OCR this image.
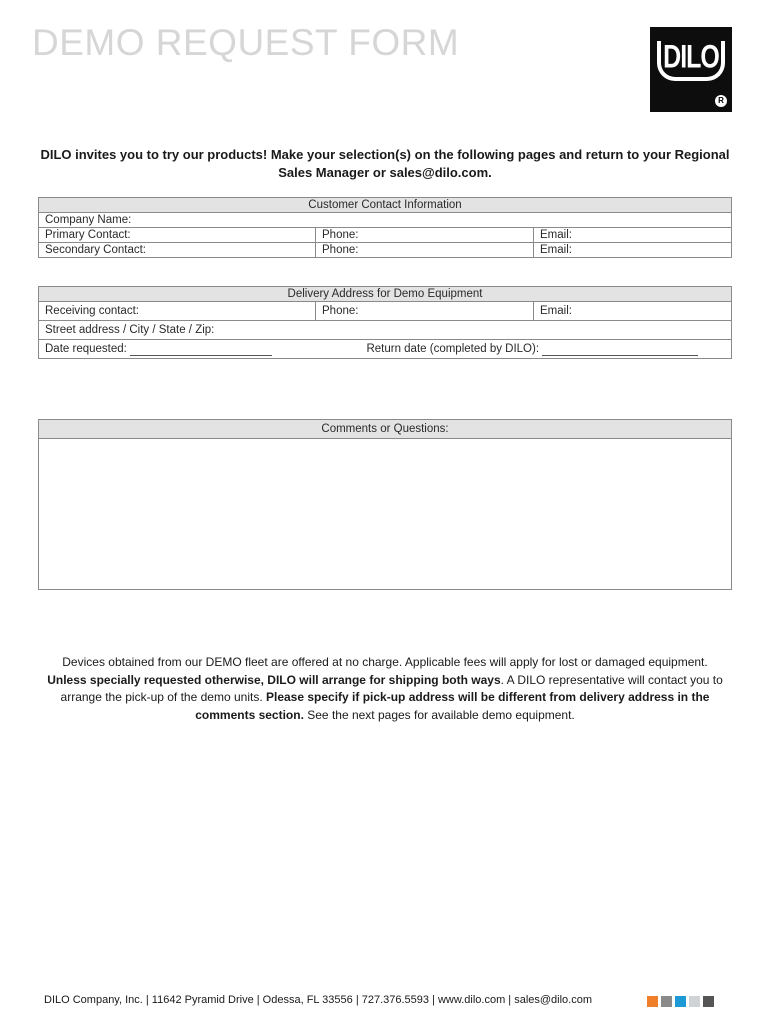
DEMO REQUEST FORM	DILO
R
DILO invites you to try our products! Make your selection(s) on the following pages and return to your Regional Sales Manager or sales@dilo.com.
Customer Contact Information		
Company Name:		
Primary Contact:	Phone:	Email:
Secondary Contact:	Phone:	Email:
Delivery Address for Demo Equipment
Receiving contact:	Phone:	Email:
Street address / City / State / Zip:
Date requested:	Return date (completed by DILO):
Comments or Questions:
Devices obtained from our DEMO fleet are offered at no charge. Applicable fees will apply for lost or damaged equipment. Unless specially requested otherwise, DILO will arrange for shipping both ways. A DILO representative will contact you to arrange the pick-up of the demo units. Please specify if pick-up address will be different from delivery address in the comments section. See the next pages for available demo equipment.
DILO Company, Inc. | 11642 Pyramid Drive | Odessa, FL 33556 | 727.376.5593 | www.dilo.com | sales@dilo.com
